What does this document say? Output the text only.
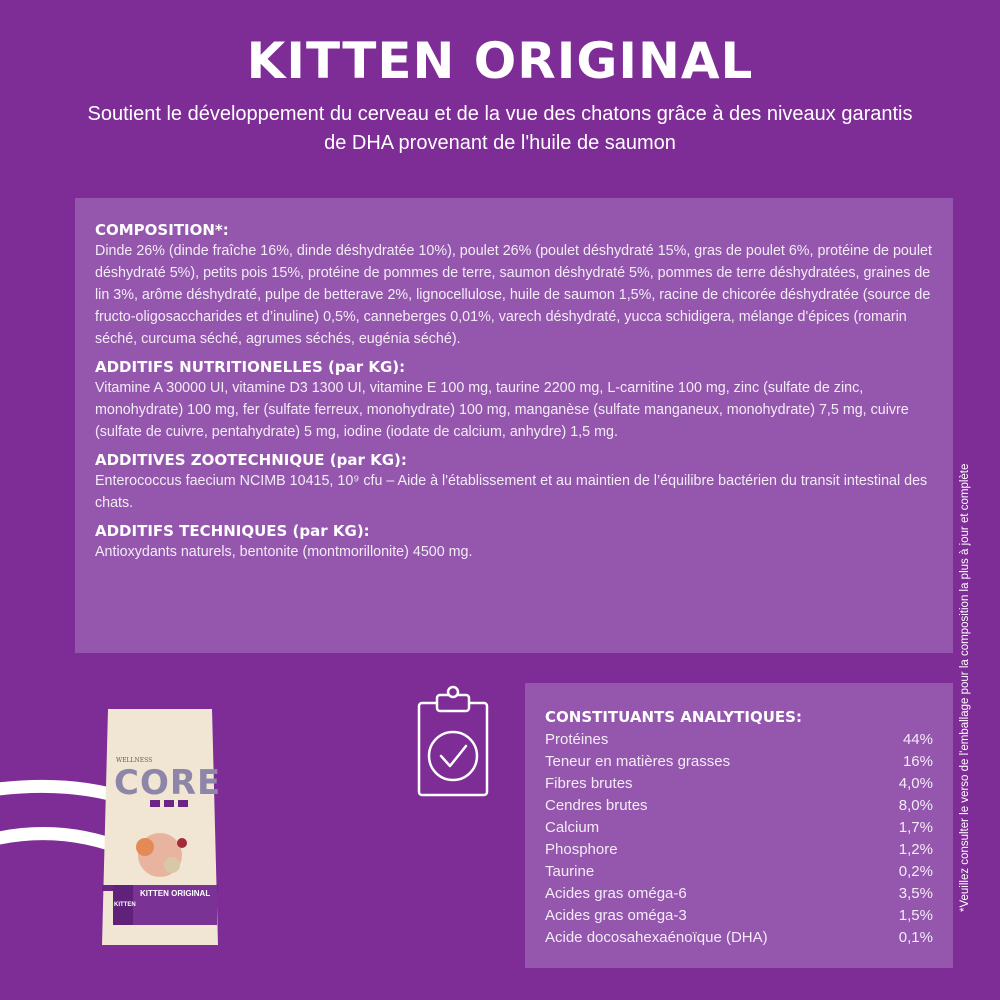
KITTEN ORIGINAL
Soutient le développement du cerveau et de la vue des chatons grâce à des niveaux garantis de DHA provenant de l'huile de saumon

COMPOSITION*:

Dinde 26% (dinde fraîche 16%, dinde déshydratée 10%), poulet 26% (poulet déshydraté 15%, gras de poulet 6%, protéine de poulet déshydraté 5%), petits pois 15%, protéine de pommes de terre, saumon déshydraté 5%, pommes de terre déshydratées, graines de lin 3%, arôme déshydraté, pulpe de betterave 2%, lignocellulose, huile de saumon 1,5%, racine de chicorée déshydratée (source de fructo-oligosaccharides et d’inuline) 0,5%, canneberges 0,01%, varech déshydraté, yucca schidigera, mélange d'épices (romarin séché, curcuma séché, agrumes séchés, eugénia séché).

ADDITIFS NUTRITIONELLES (par KG):

Vitamine A 30000 UI, vitamine D3 1300 UI, vitamine E 100 mg, taurine 2200 mg, L-carnitine 100 mg, zinc (sulfate de zinc, monohydrate) 100 mg, fer (sulfate ferreux, monohydrate) 100 mg, manganèse (sulfate manganeux, monohydrate) 7,5 mg, cuivre (sulfate de cuivre, pentahydrate) 5 mg, iodine (iodate de calcium, anhydre) 1,5 mg.

ADDITIVES ZOOTECHNIQUE (par KG):

Enterococcus faecium NCIMB 10415, 10⁹ cfu – Aide à l'établissement et au maintien de l’équilibre bactérien du transit intestinal des chats.

ADDITIFS TECHNIQUES (par KG):

Antioxydants naturels, bentonite (montmorillonite) 4500 mg.

WELLNESS
CORE
KITTEN
KITTEN ORIGINAL
CONSTITUANTS ANALYTIQUES:
Protéines	44%
Teneur en matières grasses	16%
Fibres brutes	4,0%
Cendres brutes	8,0%
Calcium	1,7%
Phosphore	1,2%
Taurine	0,2%
Acides gras oméga-6	3,5%
Acides gras oméga-3	1,5%
Acide docosahexaénoïque (DHA)	0,1%
*Veuillez consulter le verso de l'emballage pour la composition la plus à jour et complète
